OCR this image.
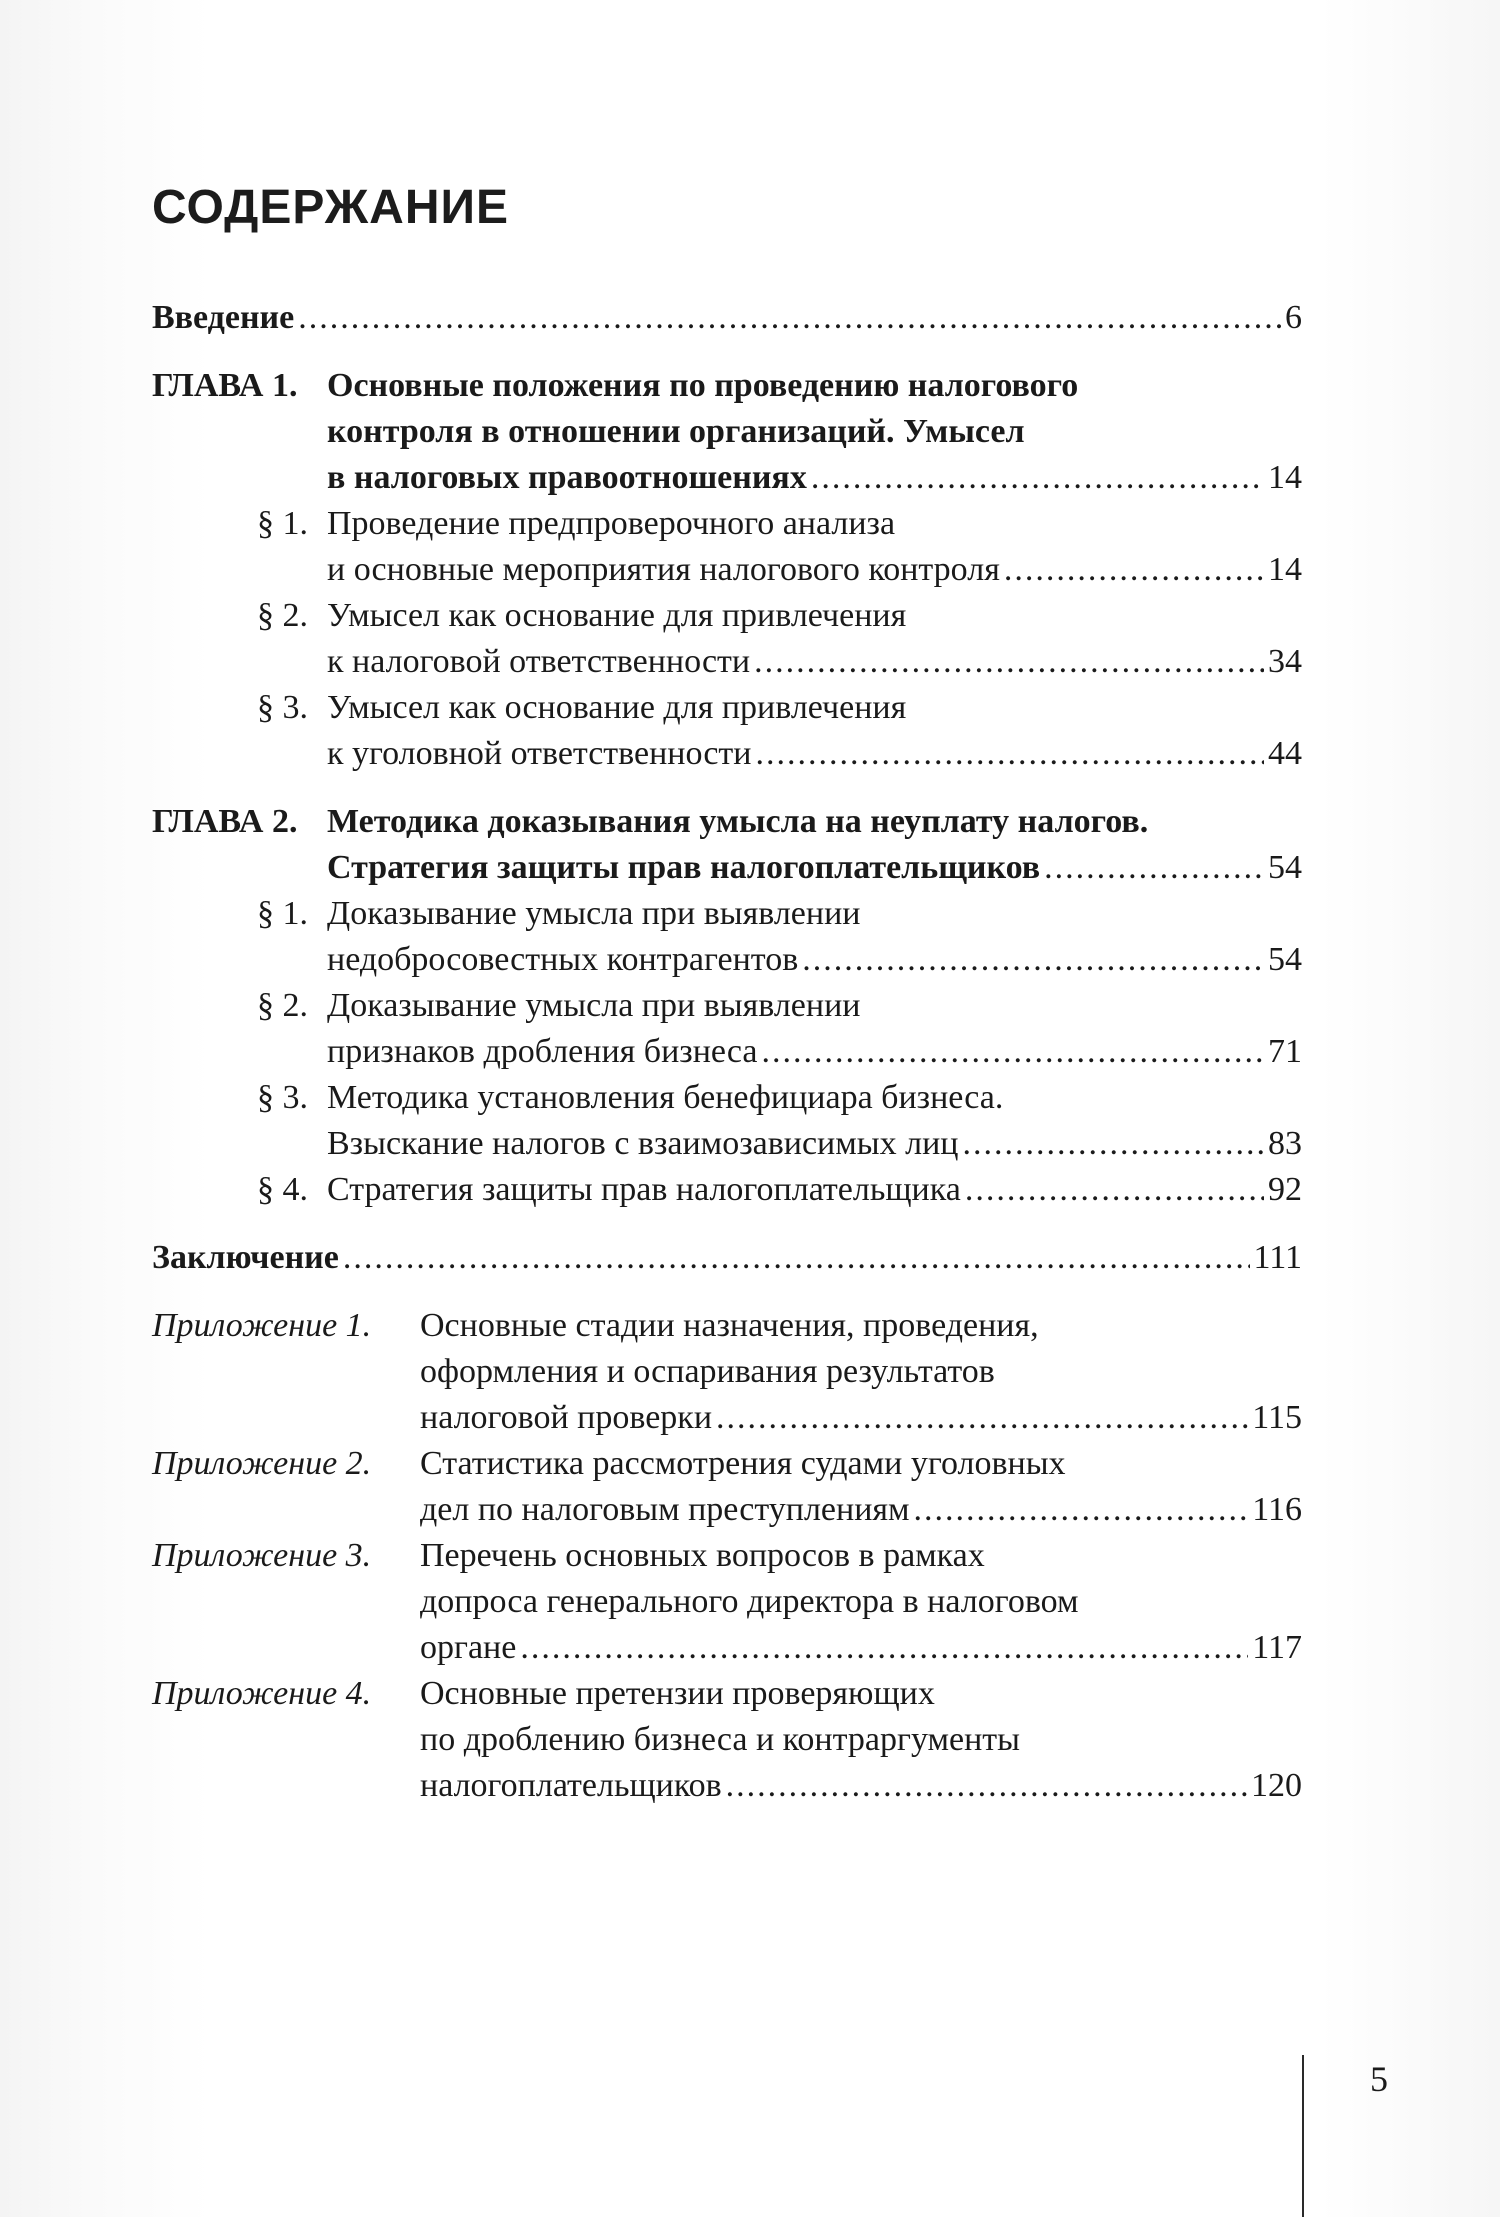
СОДЕРЖАНИЕ
Введение .....	6
ГЛАВА 1. Основные положения по проведению налогового
контроля в отношении организаций. Умысел
в налоговых правоотношениях .....	14
§ 1. Проведение предпроверочного анализа
и основные мероприятия налогового контроля .....	14
§ 2. Умысел как основание для привлечения
к налоговой ответственности .....	34
§ 3. Умысел как основание для привлечения
к уголовной ответственности .....	44
ГЛАВА 2. Методика доказывания умысла на неуплату налогов.
Стратегия защиты прав налогоплательщиков .....	54
§ 1. Доказывание умысла при выявлении
недобросовестных контрагентов .....	54
§ 2. Доказывание умысла при выявлении
признаков дробления бизнеса .....	71
§ 3. Методика установления бенефициара бизнеса.
Взыскание налогов с взаимозависимых лиц .....	83
§ 4. Стратегия защиты прав налогоплательщика .....	92
Заключение .....	111
Приложение 1.	Основные стадии назначения, проведения,
оформления и оспаривания результатов
налоговой проверки .....	115
Приложение 2.	Статистика рассмотрения судами уголовных
дел по налоговым преступлениям .....	116
Приложение 3.	Перечень основных вопросов в рамках
допроса генерального директора в налоговом
органе .....	117
Приложение 4.	Основные претензии проверяющих
по дроблению бизнеса и контраргументы
налогоплательщиков .....	120
5
